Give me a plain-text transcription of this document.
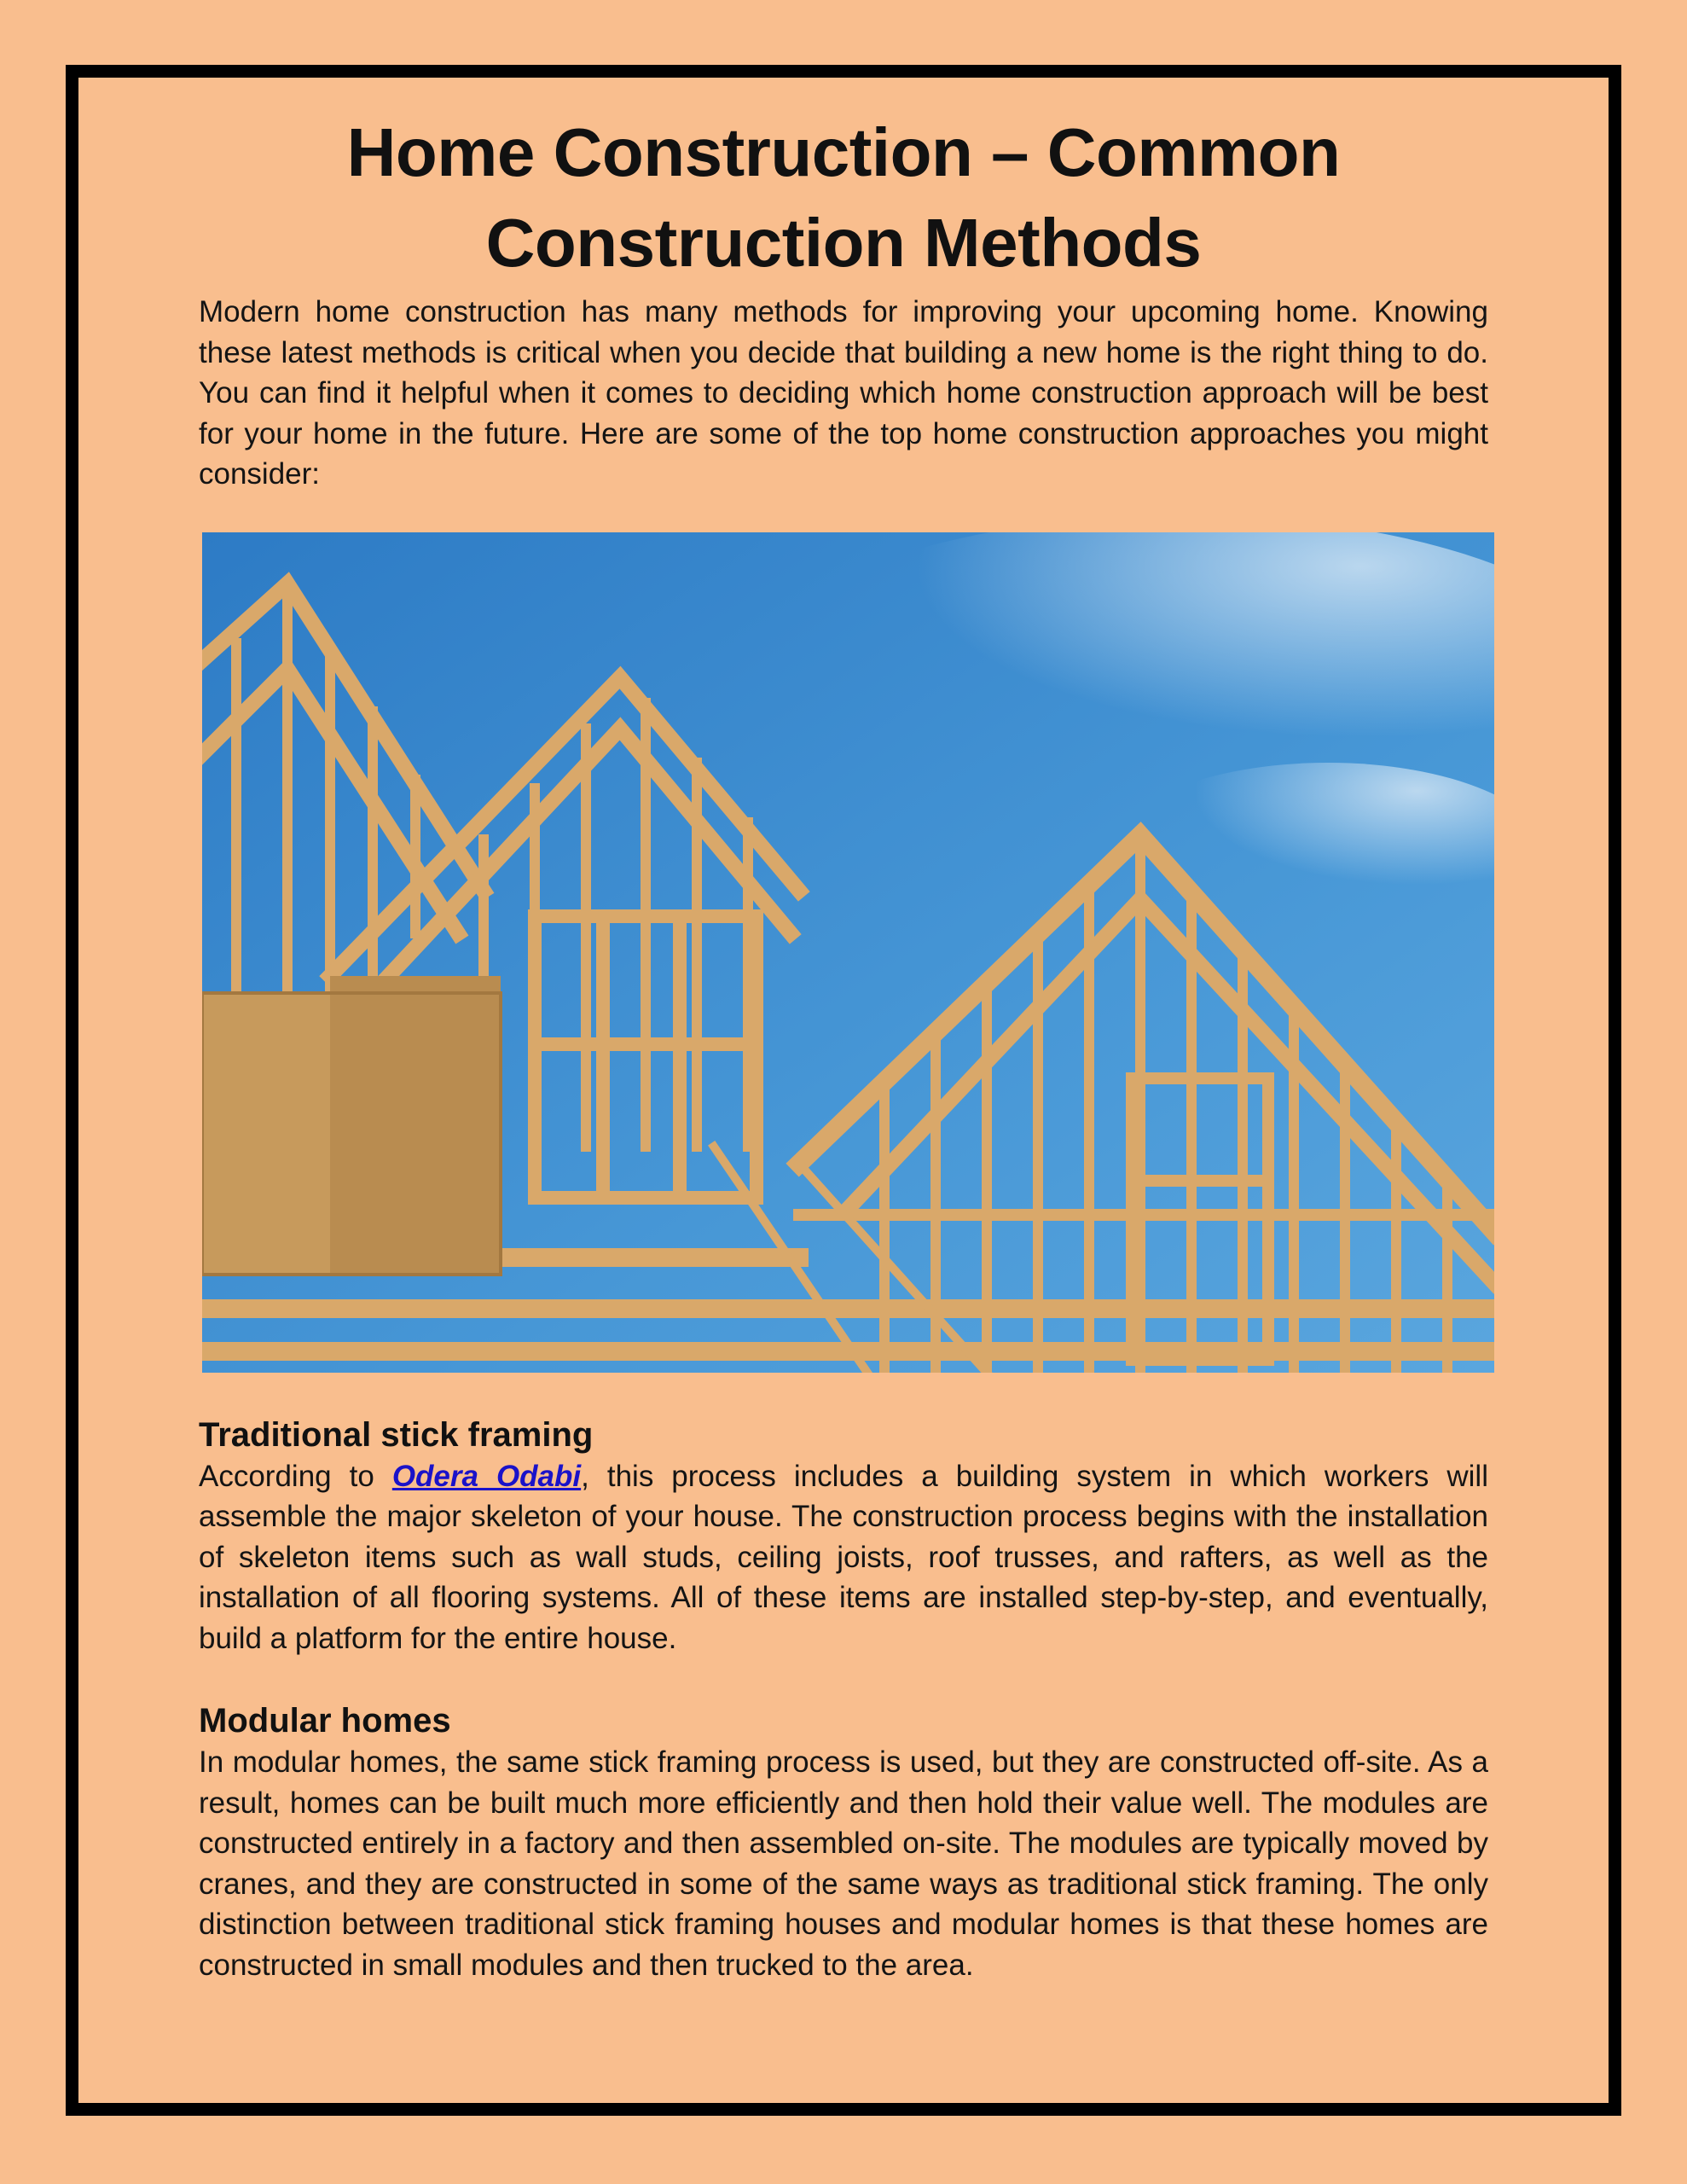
Home Construction – Common Construction Methods

Modern home construction has many methods for improving your upcoming home. Knowing these latest methods is critical when you decide that building a new home is the right thing to do. You can find it helpful when it comes to deciding which home construction approach will be best for your home in the future. Here are some of the top home construction approaches you might consider:

Traditional stick framing

According to Odera Odabi, this process includes a building system in which workers will assemble the major skeleton of your house. The construction process begins with the installation of skeleton items such as wall studs, ceiling joists, roof trusses, and rafters, as well as the installation of all flooring systems. All of these items are installed step-by-step, and eventually, build a platform for the entire house.

Modular homes

In modular homes, the same stick framing process is used, but they are constructed off-site. As a result, homes can be built much more efficiently and then hold their value well. The modules are constructed entirely in a factory and then assembled on-site. The modules are typically moved by cranes, and they are constructed in some of the same ways as traditional stick framing. The only distinction between traditional stick framing houses and modular homes is that these homes are constructed in small modules and then trucked to the area.
